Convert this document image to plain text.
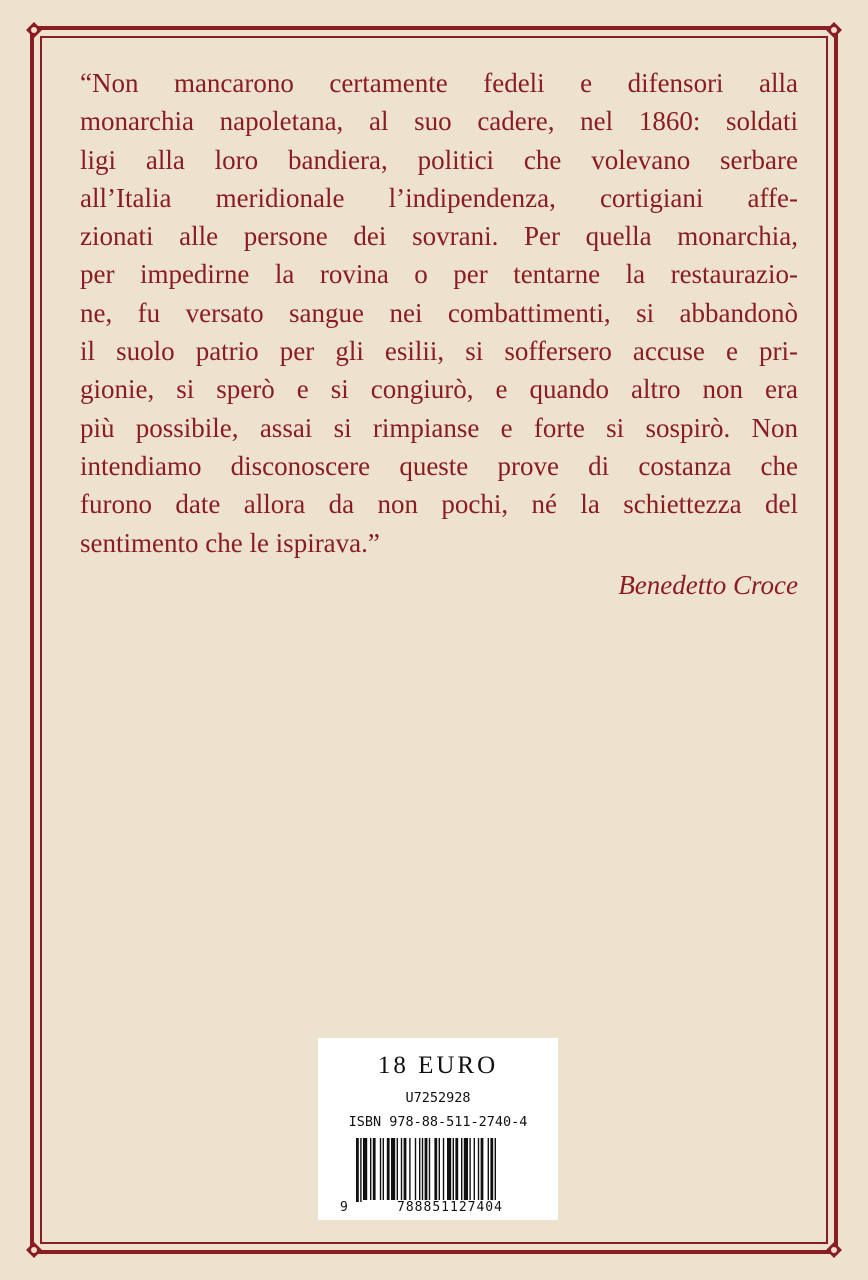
“Non mancarono certamente fedeli e difensori alla
monarchia napoletana, al suo cadere, nel 1860: soldati
ligi alla loro bandiera, politici che volevano serbare
all’Italia meridionale l’indipendenza, cortigiani affe-
zionati alle persone dei sovrani. Per quella monarchia,
per impedirne la rovina o per tentarne la restaurazio-
ne, fu versato sangue nei combattimenti, si abbandonò
il suolo patrio per gli esilii, si soffersero accuse e pri-
gionie, si sperò e si congiurò, e quando altro non era
più possibile, assai si rimpianse e forte si sospirò. Non
intendiamo disconoscere queste prove di costanza che
furono date allora da non pochi, né la schiettezza del
sentimento che le ispirava.”

Benedetto Croce
18 EURO
U7252928
ISBN 978-88-511-2740-4
9	788851127404
